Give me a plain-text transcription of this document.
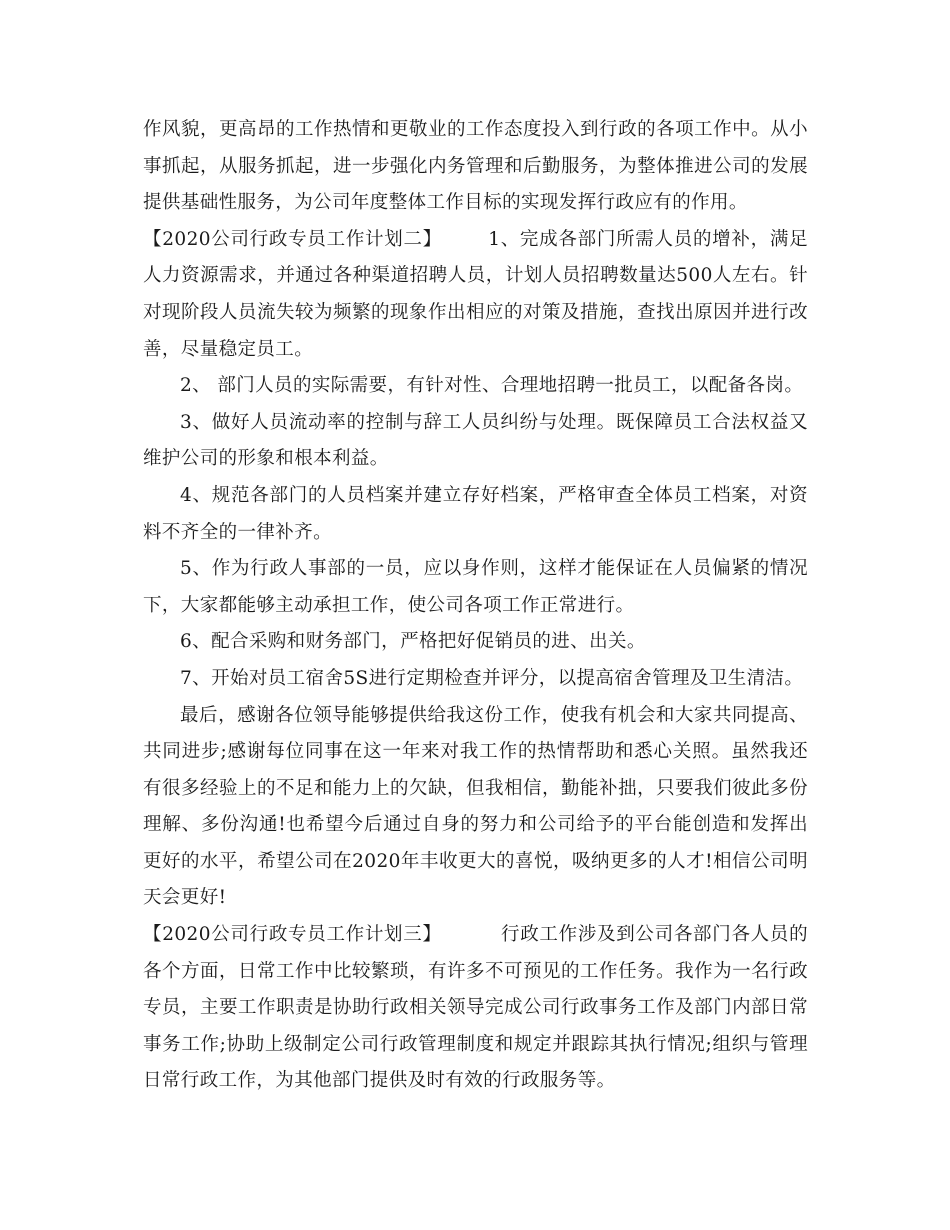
作风貌，更高昂的工作热情和更敬业的工作态度投入到行政的各项工作中。从小事抓起，从服务抓起，进一步强化内务管理和后勤服务，为整体推进公司的发展提供基础性服务，为公司年度整体工作目标的实现发挥行政应有的作用。

【2020公司行政专员工作计划二】	1、完成各部门所需人员的增补，满足人力资源需求，并通过各种渠道招聘人员，计划人员招聘数量达500人左右。针对现阶段人员流失较为频繁的现象作出相应的对策及措施，查找出原因并进行改善，尽量稳定员工。

2、 部门人员的实际需要，有针对性、合理地招聘一批员工，以配备各岗。

3、做好人员流动率的控制与辞工人员纠纷与处理。既保障员工合法权益又维护公司的形象和根本利益。

4、规范各部门的人员档案并建立存好档案，严格审查全体员工档案，对资料不齐全的一律补齐。

5、作为行政人事部的一员，应以身作则，这样才能保证在人员偏紧的情况下，大家都能够主动承担工作，使公司各项工作正常进行。

6、配合采购和财务部门，严格把好促销员的进、出关。

7、开始对员工宿舍5S进行定期检查并评分，以提高宿舍管理及卫生清洁。

最后，感谢各位领导能够提供给我这份工作，使我有机会和大家共同提高、共同进步;感谢每位同事在这一年来对我工作的热情帮助和悉心关照。虽然我还有很多经验上的不足和能力上的欠缺，但我相信，勤能补拙，只要我们彼此多份理解、多份沟通!也希望今后通过自身的努力和公司给予的平台能创造和发挥出更好的水平，希望公司在2020年丰收更大的喜悦，吸纳更多的人才!相信公司明天会更好!

【2020公司行政专员工作计划三】	行政工作涉及到公司各部门各人员的各个方面，日常工作中比较繁琐，有许多不可预见的工作任务。我作为一名行政专员，主要工作职责是协助行政相关领导完成公司行政事务工作及部门内部日常事务工作;协助上级制定公司行政管理制度和规定并跟踪其执行情况;组织与管理日常行政工作，为其他部门提供及时有效的行政服务等。
